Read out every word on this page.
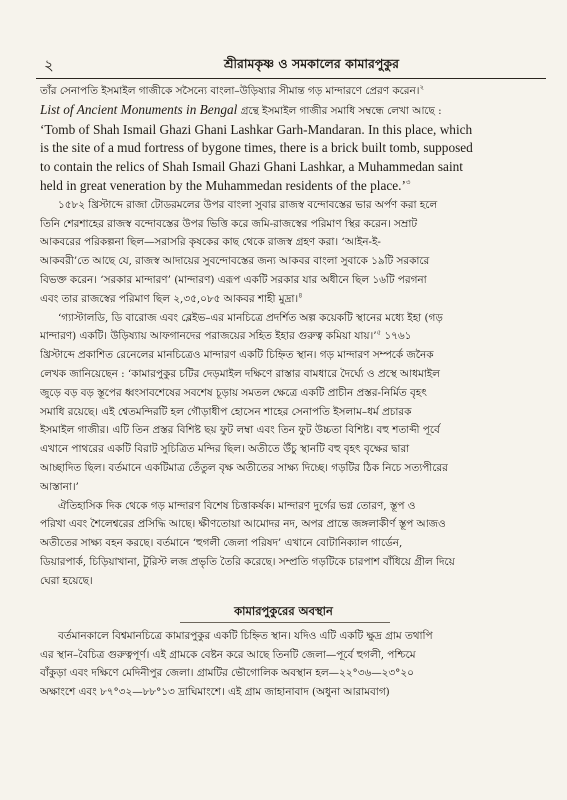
২	শ্রীরামকৃষ্ণ ও সমকালের কামারপুকুর

তাঁর সেনাপতি ইসমাইল গাজীকে সসৈন্যে বাংলা–উড়িষ্যার সীমান্ত গড় মান্দারণে প্রেরণ করেন।$^২$
List of Ancient Monuments in Bengal গ্রন্থে ইসমাইল গাজীর সমাধি সম্বন্ধে লেখা আছে :
‘Tomb of Shah Ismail Ghazi Ghani Lashkar Garh-Mandaran. In this place, which
is the site of a mud fortress of bygone times, there is a brick built tomb, supposed
to contain the relics of Shah Ismail Ghazi Ghani Lashkar, a Muhammedan saint
held in great veneration by the Muhammedan residents of the place.’$^৩$

১৫৮২ খ্রিস্টাব্দে রাজা টোডরমলের উপর বাংলা সুবার রাজস্ব বন্দোবস্তের ভার অর্পণ করা হলে
তিনি শেরশাহের রাজস্ব বন্দোবস্তের উপর ভিত্তি করে জমি-রাজস্বের পরিমাণ স্থির করেন। সম্রাট
আকবরের পরিকল্পনা ছিল—সরাসরি কৃষকের কাছ থেকে রাজস্ব গ্রহণ করা। ‘আইন-ই-
আকবরী’তে আছে যে, রাজস্ব আদায়ের সুবন্দোবস্তের জন্য আকবর বাংলা সুবাকে ১৯টি সরকারে
বিভক্ত করেন। ‘সরকার মান্দারণ’ (মান্দারণ) এরূপ একটি সরকার যার অধীনে ছিল ১৬টি পরগনা
এবং তার রাজস্বের পরিমাণ ছিল ২,৩৫,০৮৫ আকবর শাহী মুদ্রা।$^৪$

‘গ্যাস্টালডি, ডি বারোজ এবং ব্লেইভ–এর মানচিত্রে প্রদর্শিত অল্প কয়েকটি স্থানের মধ্যে ইহা (গড়
মান্দারণ) একটি। উড়িষ্যায় আফগানদের পরাজয়ের সহিত ইহার গুরুত্ব কমিয়া যায়।’$^৫$ ১৭৬১
খ্রিস্টাব্দে প্রকাশিত রেনেলের মানচিত্রেও মান্দারণ একটি চিহ্নিত স্থান। গড় মান্দারণ সম্পর্কে জনৈক
লেখক জানিয়েছেন : ‘কামারপুকুর চটির দেড়মাইল দক্ষিণে রাস্তার বামধারে দৈর্ঘ্যে ও প্রস্থে আধমাইল
জুড়ে বড় বড় স্তূপের ধ্বংসাবশেষের সবশেষ চূড়ায় সমতল ক্ষেত্রে একটি প্রাচীন প্রস্তর-নির্মিত বৃহৎ
সমাধি রয়েছে। এই শ্বেতমন্দিরটি হল গৌড়াধীপ হোসেন শাহের সেনাপতি ইসলাম–ধর্ম প্রচারক
ইসমাইল গাজীর। এটি তিন প্রস্তর বিশিষ্ট ছয় ফুট লম্বা এবং তিন ফুট উচ্চতা বিশিষ্ট। বহু শতাব্দী পূর্বে
এখানে পাথরের একটি বিরাট সুচিত্রিত মন্দির ছিল। অতীতে উঁচু স্থানটি বহু বৃহৎ বৃক্ষের দ্বারা
আচ্ছাদিত ছিল। বর্তমানে একটিমাত্র তেঁতুল বৃক্ষ অতীতের সাক্ষ্য দিচ্ছে। গড়টির ঠিক নিচে সত্যপীরের
আস্তানা।’

ঐতিহাসিক দিক থেকে গড় মান্দারণ বিশেষ চিত্তাকর্ষক। মান্দারণ দুর্গের ভগ্ন তোরণ, স্তূপ ও
পরিখা এবং শৈলেশ্বরের প্রসিদ্ধি আছে। ক্ষীণতোয়া আমোদর নদ, অপর প্রান্তে জঙ্গলাকীর্ণ স্তূপ আজও
অতীতের সাক্ষ্য বহন করছে। বর্তমানে ‘হুগলী জেলা পরিষদ’ এখানে বোটানিক্যাল গার্ডেন,
ডিয়ারপার্ক, চিড়িয়াখানা, টুরিস্ট লজ প্রভৃতি তৈরি করেছে। সম্প্রতি গড়টিকে চারপাশ বাঁধিয়ে গ্রীল দিয়ে
ঘেরা হয়েছে।

কামারপুকুরের অবস্থান

বর্তমানকালে বিশ্বমানচিত্রে কামারপুকুর একটি চিহ্নিত স্থান। যদিও এটি একটি ক্ষুদ্র গ্রাম তথাপি
এর স্থান–বৈচিত্র গুরুত্বপূর্ণ। এই গ্রামকে বেষ্টন করে আছে তিনটি জেলা—পূর্বে হুগলী, পশ্চিমে
বাঁকুড়া এবং দক্ষিণে মেদিনীপুর জেলা। গ্রামটির ভৌগোলিক অবস্থান হল—২২°৩৬—২৩°২০
অক্ষাংশে এবং ৮৭°৩২—৮৮°১৩ দ্রাঘিমাংশে। এই গ্রাম জাহানাবাদ (অধুনা আরামবাগ)
